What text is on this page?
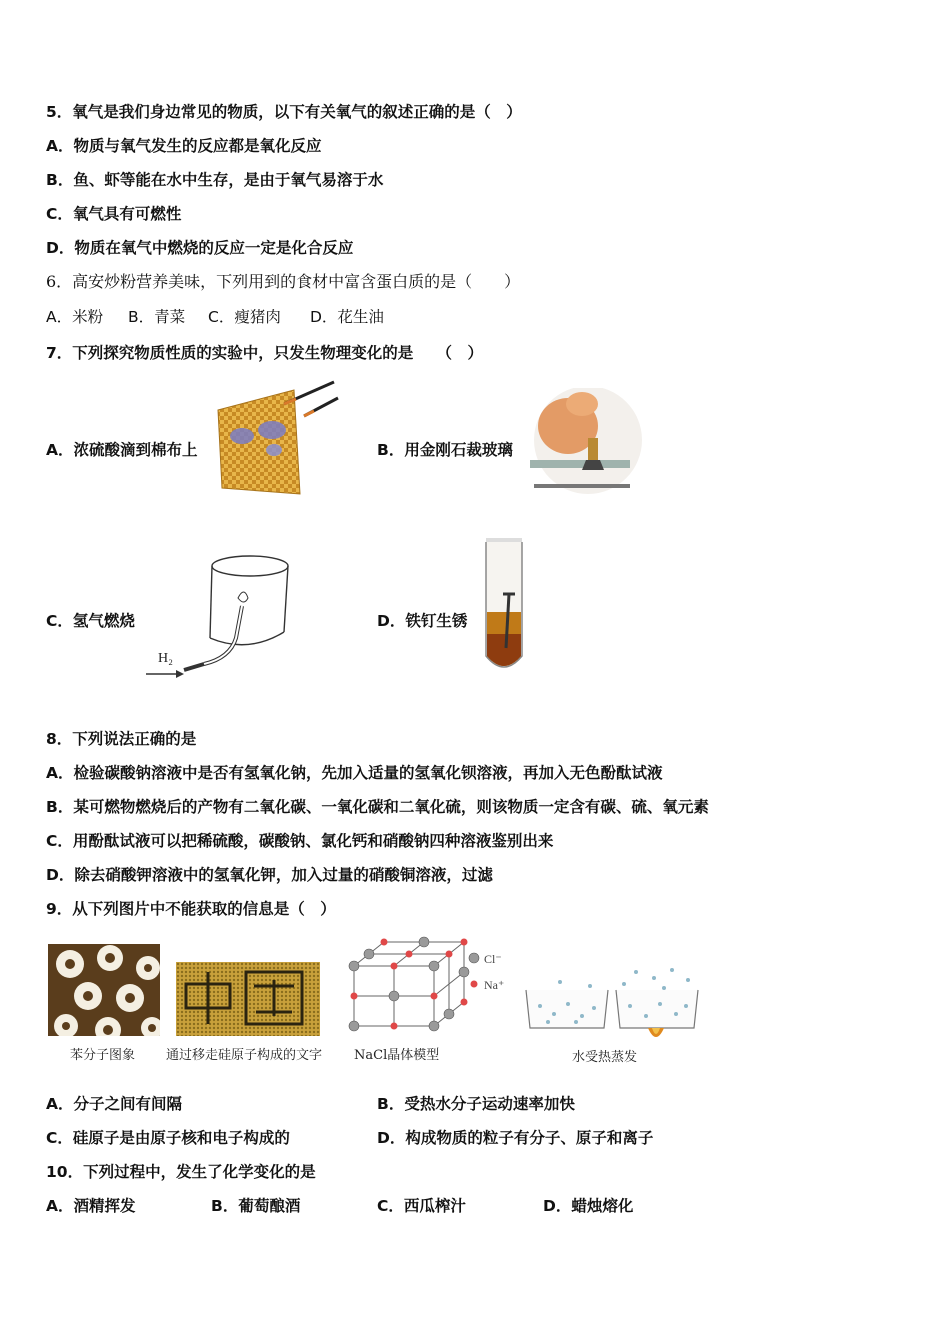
5．氧气是我们身边常见的物质，以下有关氧气的叙述正确的是（　）
A．物质与氧气发生的反应都是氧化反应
B．鱼、虾等能在水中生存，是由于氧气易溶于水
C．氧气具有可燃性
D．物质在氧气中燃烧的反应一定是化合反应
6．高安炒粉营养美味，下列用到的食材中富含蛋白质的是（　　）
A．米粉 B．青菜 C．瘦猪肉 D．花生油
7．下列探究物质性质的实验中，只发生物理变化的是　　（　）
A．浓硫酸滴到棉布上	B．用金刚石裁玻璃
C．氢气燃烧
H₂
D．铁钉生锈
8．下列说法正确的是
A．检验碳酸钠溶液中是否有氢氧化钠，先加入适量的氢氧化钡溶液，再加入无色酚酞试液
B．某可燃物燃烧后的产物有二氧化碳、一氧化碳和二氧化硫，则该物质一定含有碳、硫、氧元素
C．用酚酞试液可以把稀硫酸，碳酸钠、氯化钙和硝酸钠四种溶液鉴别出来
D．除去硝酸钾溶液中的氢氧化钾，加入过量的硝酸铜溶液，过滤
9．从下列图片中不能获取的信息是（　）
苯分子图象 通过移走硅原子构成的文字
Cl⁻
Na⁺
NaCl晶体模型	水受热蒸发
A．分子之间有间隔	B．受热水分子运动速率加快
C．硅原子是由原子核和电子构成的	D．构成物质的粒子有分子、原子和离子
10．下列过程中，发生了化学变化的是
A．酒精挥发	B．葡萄酿酒	C．西瓜榨汁	D．蜡烛熔化
